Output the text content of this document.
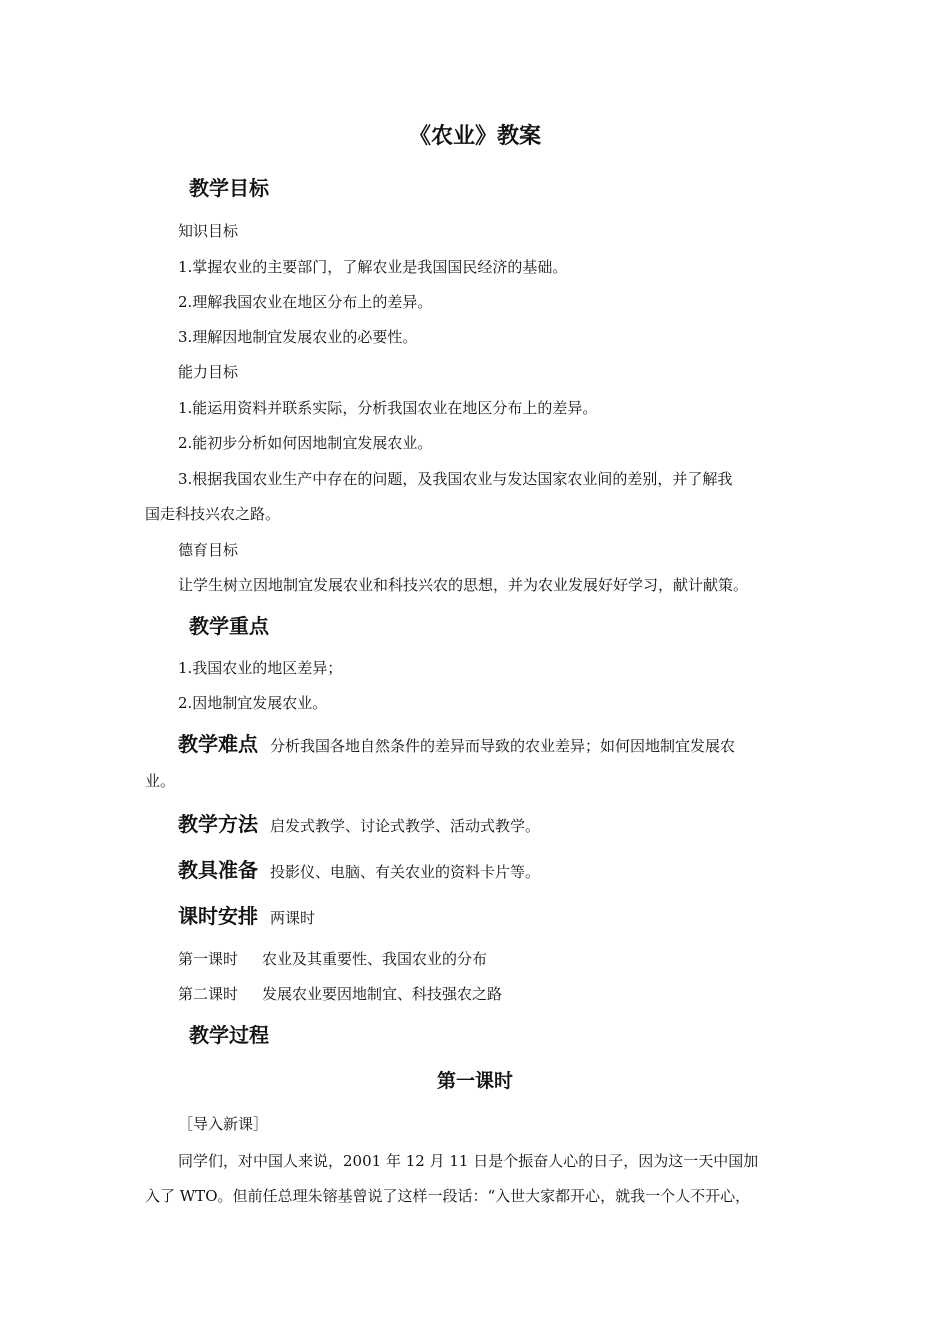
《农业》教案
教学目标
知识目标
1.掌握农业的主要部门，了解农业是我国国民经济的基础。
2.理解我国农业在地区分布上的差异。
3.理解因地制宜发展农业的必要性。
能力目标
1.能运用资料并联系实际，分析我国农业在地区分布上的差异。
2.能初步分析如何因地制宜发展农业。
3.根据我国农业生产中存在的问题，及我国农业与发达国家农业间的差别，并了解我
国走科技兴农之路。
德育目标
让学生树立因地制宜发展农业和科技兴农的思想，并为农业发展好好学习，献计献策。
教学重点
1.我国农业的地区差异；
2.因地制宜发展农业。
教学难点 分析我国各地自然条件的差异而导致的农业差异；如何因地制宜发展农
业。
教学方法 启发式教学、讨论式教学、活动式教学。
教具准备 投影仪、电脑、有关农业的资料卡片等。
课时安排 两课时
第一课时 农业及其重要性、我国农业的分布
第二课时 发展农业要因地制宜、科技强农之路
教学过程
第一课时
［导入新课］
同学们，对中国人来说，2001 年 12 月 11 日是个振奋人心的日子，因为这一天中国加
入了 WTO。但前任总理朱镕基曾说了这样一段话：“入世大家都开心，就我一个人不开心，
